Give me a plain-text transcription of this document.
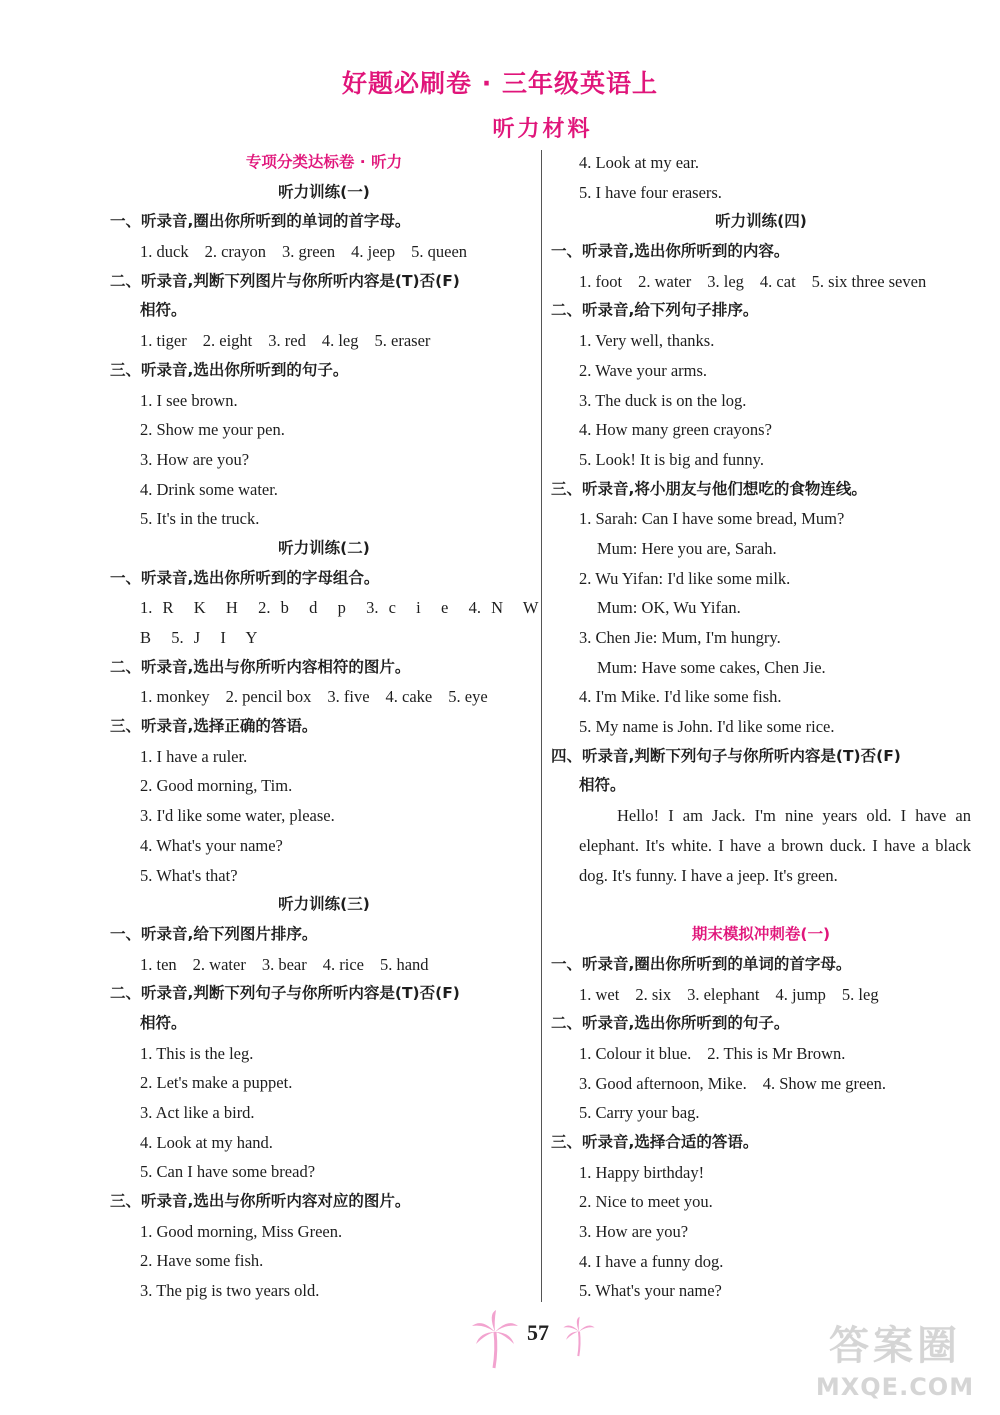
好题必刷卷 · 三年级英语上
听力材料
专项分类达标卷 · 听力
听力训练(一)
一、听录音,圈出你所听到的单词的首字母。
1. duck 2. crayon 3. green 4. jeep 5. queen
二、听录音,判断下列图片与你所听内容是(T)否(F)
相符。
1. tiger 2. eight 3. red 4. leg 5. eraser
三、听录音,选出你所听到的句子。
1. I see brown.
2. Show me your pen.
3. How are you?
4. Drink some water.
5. It's in the truck.
听力训练(二)
一、听录音,选出你所听到的字母组合。
1. R  K  H  2. b  d  p  3. c  i  e  4. N  W
B  5. J  I  Y
二、听录音,选出与你所听内容相符的图片。
1. monkey 2. pencil box 3. five 4. cake 5. eye
三、听录音,选择正确的答语。
1. I have a ruler.
2. Good morning, Tim.
3. I'd like some water, please.
4. What's your name?
5. What's that?
听力训练(三)
一、听录音,给下列图片排序。
1. ten 2. water 3. bear 4. rice 5. hand
二、听录音,判断下列句子与你所听内容是(T)否(F)
相符。
1. This is the leg.
2. Let's make a puppet.
3. Act like a bird.
4. Look at my hand.
5. Can I have some bread?
三、听录音,选出与你所听内容对应的图片。
1. Good morning, Miss Green.
2. Have some fish.
3. The pig is two years old.
4. Look at my ear.
5. I have four erasers.
听力训练(四)
一、听录音,选出你所听到的内容。
1. foot 2. water 3. leg 4. cat 5. six three seven
二、听录音,给下列句子排序。
1. Very well, thanks.
2. Wave your arms.
3. The duck is on the log.
4. How many green crayons?
5. Look! It is big and funny.
三、听录音,将小朋友与他们想吃的食物连线。
1. Sarah: Can I have some bread, Mum?
Mum: Here you are, Sarah.
2. Wu Yifan: I'd like some milk.
Mum: OK, Wu Yifan.
3. Chen Jie: Mum, I'm hungry.
Mum: Have some cakes, Chen Jie.
4. I'm Mike. I'd like some fish.
5. My name is John. I'd like some rice.
四、听录音,判断下列句子与你所听内容是(T)否(F)
相符。
Hello! I am Jack. I'm nine years old. I have an elephant. It's white. I have a brown duck. I have a black dog. It's funny. I have a jeep. It's green.
期末模拟冲刺卷(一)
一、听录音,圈出你所听到的单词的首字母。
1. wet 2. six 3. elephant 4. jump 5. leg
二、听录音,选出你所听到的句子。
1. Colour it blue. 2. This is Mr Brown.
3. Good afternoon, Mike. 4. Show me green.
5. Carry your bag.
三、听录音,选择合适的答语。
1. Happy birthday!
2. Nice to meet you.
3. How are you?
4. I have a funny dog.
5. What's your name?
57	答案圈
MXQE.COM
